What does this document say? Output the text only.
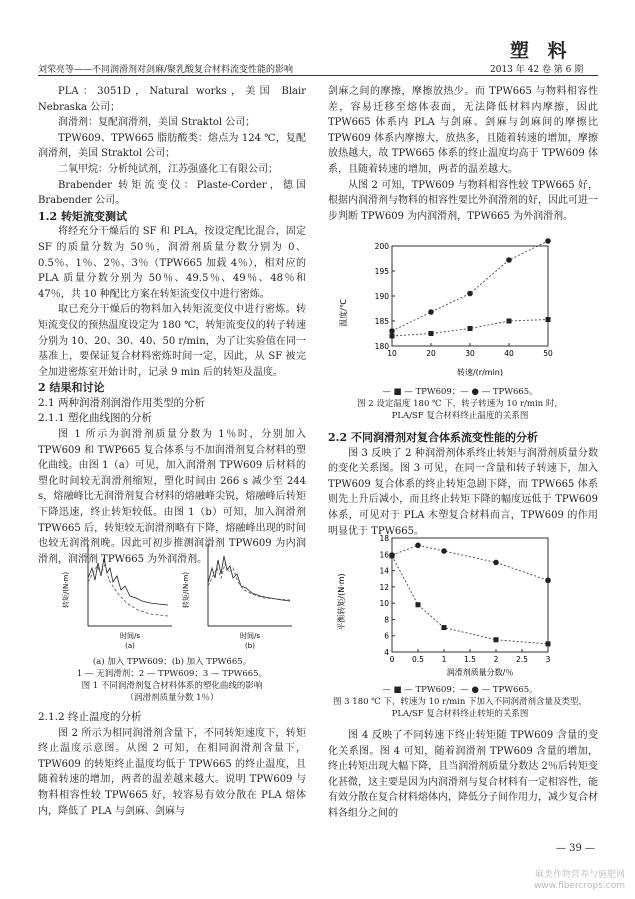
塑 料
刘荣亮等——不同润滑剂对剑麻/聚乳酸复合材料流变性能的影响	2013 年 42 卷 第 6 期

PLA：3051D，Natural works，美国 Blair Nebraska 公司；

润滑剂：复配润滑剂，美国 Straktol 公司；

TPW609、TPW665 脂肪酸类：熔点为 124 ℃，复配润滑剂，美国 Straktol 公司；

二氧甲烷：分析纯试剂，江苏强盛化工有限公司；

Brabender 转矩流变仪：Plaste-Corder，德国 Brabender 公司。

1.2 转矩流变测试

将经充分干燥后的 SF 和 PLA，按设定配比混合，固定 SF 的质量分数为 50％，润滑剂质量分数分别为 0、0.5％、1％、2％、3％（TPW665 加载 4％），相对应的 PLA 质量分数分别为 50％、49.5％、49％、48％和 47％，共 10 种配比方案在转矩流变仪中进行密炼。

取已充分干燥后的物料加入转矩流变仪中进行密炼。转矩流变仪的预热温度设定为 180 ℃，转矩流变仪的转子转速分别为 10、20、30、40、50 r/min，为了让实验值在同一基准上，要保证复合材料密炼时间一定，因此，从 SF 被完全加进密炼室开始计时，记录 9 min 后的转矩及温度。

2 结果和讨论

2.1 两种润滑剂润滑作用类型的分析

2.1.1 塑化曲线图的分析

图 1 所示为润滑剂质量分数为 1％时，分别加入 TPW609 和 TWP665 复合体系与不加润滑剂复合材料的塑化曲线。由图 1（a）可见，加入润滑剂 TPW609 后材料的塑化时间较无润滑剂缩短，塑化时间由 266 s 减少至 244 s，熔融峰比无润滑剂复合材料的熔融峰尖锐，熔融峰后转矩下降迅速，终止转矩较低。由图 1（b）可知，加入润滑剂 TPW665 后，转矩较无润滑剂略有下降，熔融峰出现的时间也较无润滑剂晚。因此可初步推测润滑剂 TPW609 为内润滑剂，润滑剂 TPW665 为外润滑剂。

转矩/(N·m)
时间/s
(a)
转矩/(N·m)
时间/s
(b)
(a) 加入 TPW609；(b) 加入 TPW665。
1 — 无润滑剂；2 — TPW609；3 — TPW665。
图 1 不同润滑剂复合材料体系的塑化曲线的影响
（润滑剂质量分数 1％）

2.1.2 终止温度的分析

图 2 所示为相同润滑剂含量下，不同转矩速度下，转矩终止温度示意图。从图 2 可知，在相同润滑剂含量下，TPW609 的转矩终止温度均低于 TPW665 的终止温度，且随着转速的增加，两者的温差越来越大。说明 TPW609 与物料相容性较 TPW665 好，较容易有效分散在 PLA 熔体内，降低了 PLA 与剑麻、剑麻与

剑麻之间的摩擦，摩擦放热少。而 TPW665 与物料相容性差，容易迁移至熔体表面，无法降低材料内摩擦，因此 TPW665 体系内 PLA 与剑麻、剑麻与剑麻间的摩擦比 TPW609 体系内摩擦大，放热多，且随着转速的增加，摩擦放热越大，故 TPW665 体系的终止温度均高于 TPW609 体系，且随着转速的增加，两者的温差越大。

从图 2 可知，TPW609 与物料相容性较 TPW665 好，根据内润滑剂与物料的相容性要比外润滑剂的好，因此可进一步判断 TPW609 为内润滑剂，TPW665 为外润滑剂。

温度/℃
转速/(r/min)
10	20	30	40	50
180
185
190
195
200
— ■ — TPW609；— ● — TPW665。
图 2 设定温度 180 ℃ 下，转子转速为 10 r/min 时，
PLA/SF 复合材料终止温度的关系图

2.2 不同润滑剂对复合体系流变性能的分析

图 3 反映了 2 种润滑剂体系终止转矩与润滑剂质量分数的变化关系图。图 3 可见，在同一含量和转子转速下，加入 TPW609 复合体系的终止转矩急剧下降，而 TPW665 体系则先上升后减小，而且终止转矩下降的幅度远低于 TPW609 体系，可见对于 PLA 木塑复合材料而言，TPW609 的作用明显优于 TPW665。

平衡转矩/(N·m)
润滑剂质量分数/％
0 0.5 1 1.5 2 2.5 3
4
6
8
10
12
14
16
18
— ■ — TPW609；— ● — TPW665。
图 3 180 ℃ 下，转速为 10 r/min 下加入不同润滑剂含量及类型，
PLA/SF 复合材料终止转矩的关系图

图 4 反映了不同转速下终止转矩随 TPW609 含量的变化关系图。图 4 可知，随着润滑剂 TPW609 含量的增加，终止转矩出现大幅下降，且当润滑剂质量分数达 2％后转矩变化甚微，这主要是因为内润滑剂与复合材料有一定相容性，能有效分散在复合材料熔体内，降低分子间作用力，减少复合材料各组分之间的

— 39 —
麻类作物营养与施肥网
www.fibercrops.com
